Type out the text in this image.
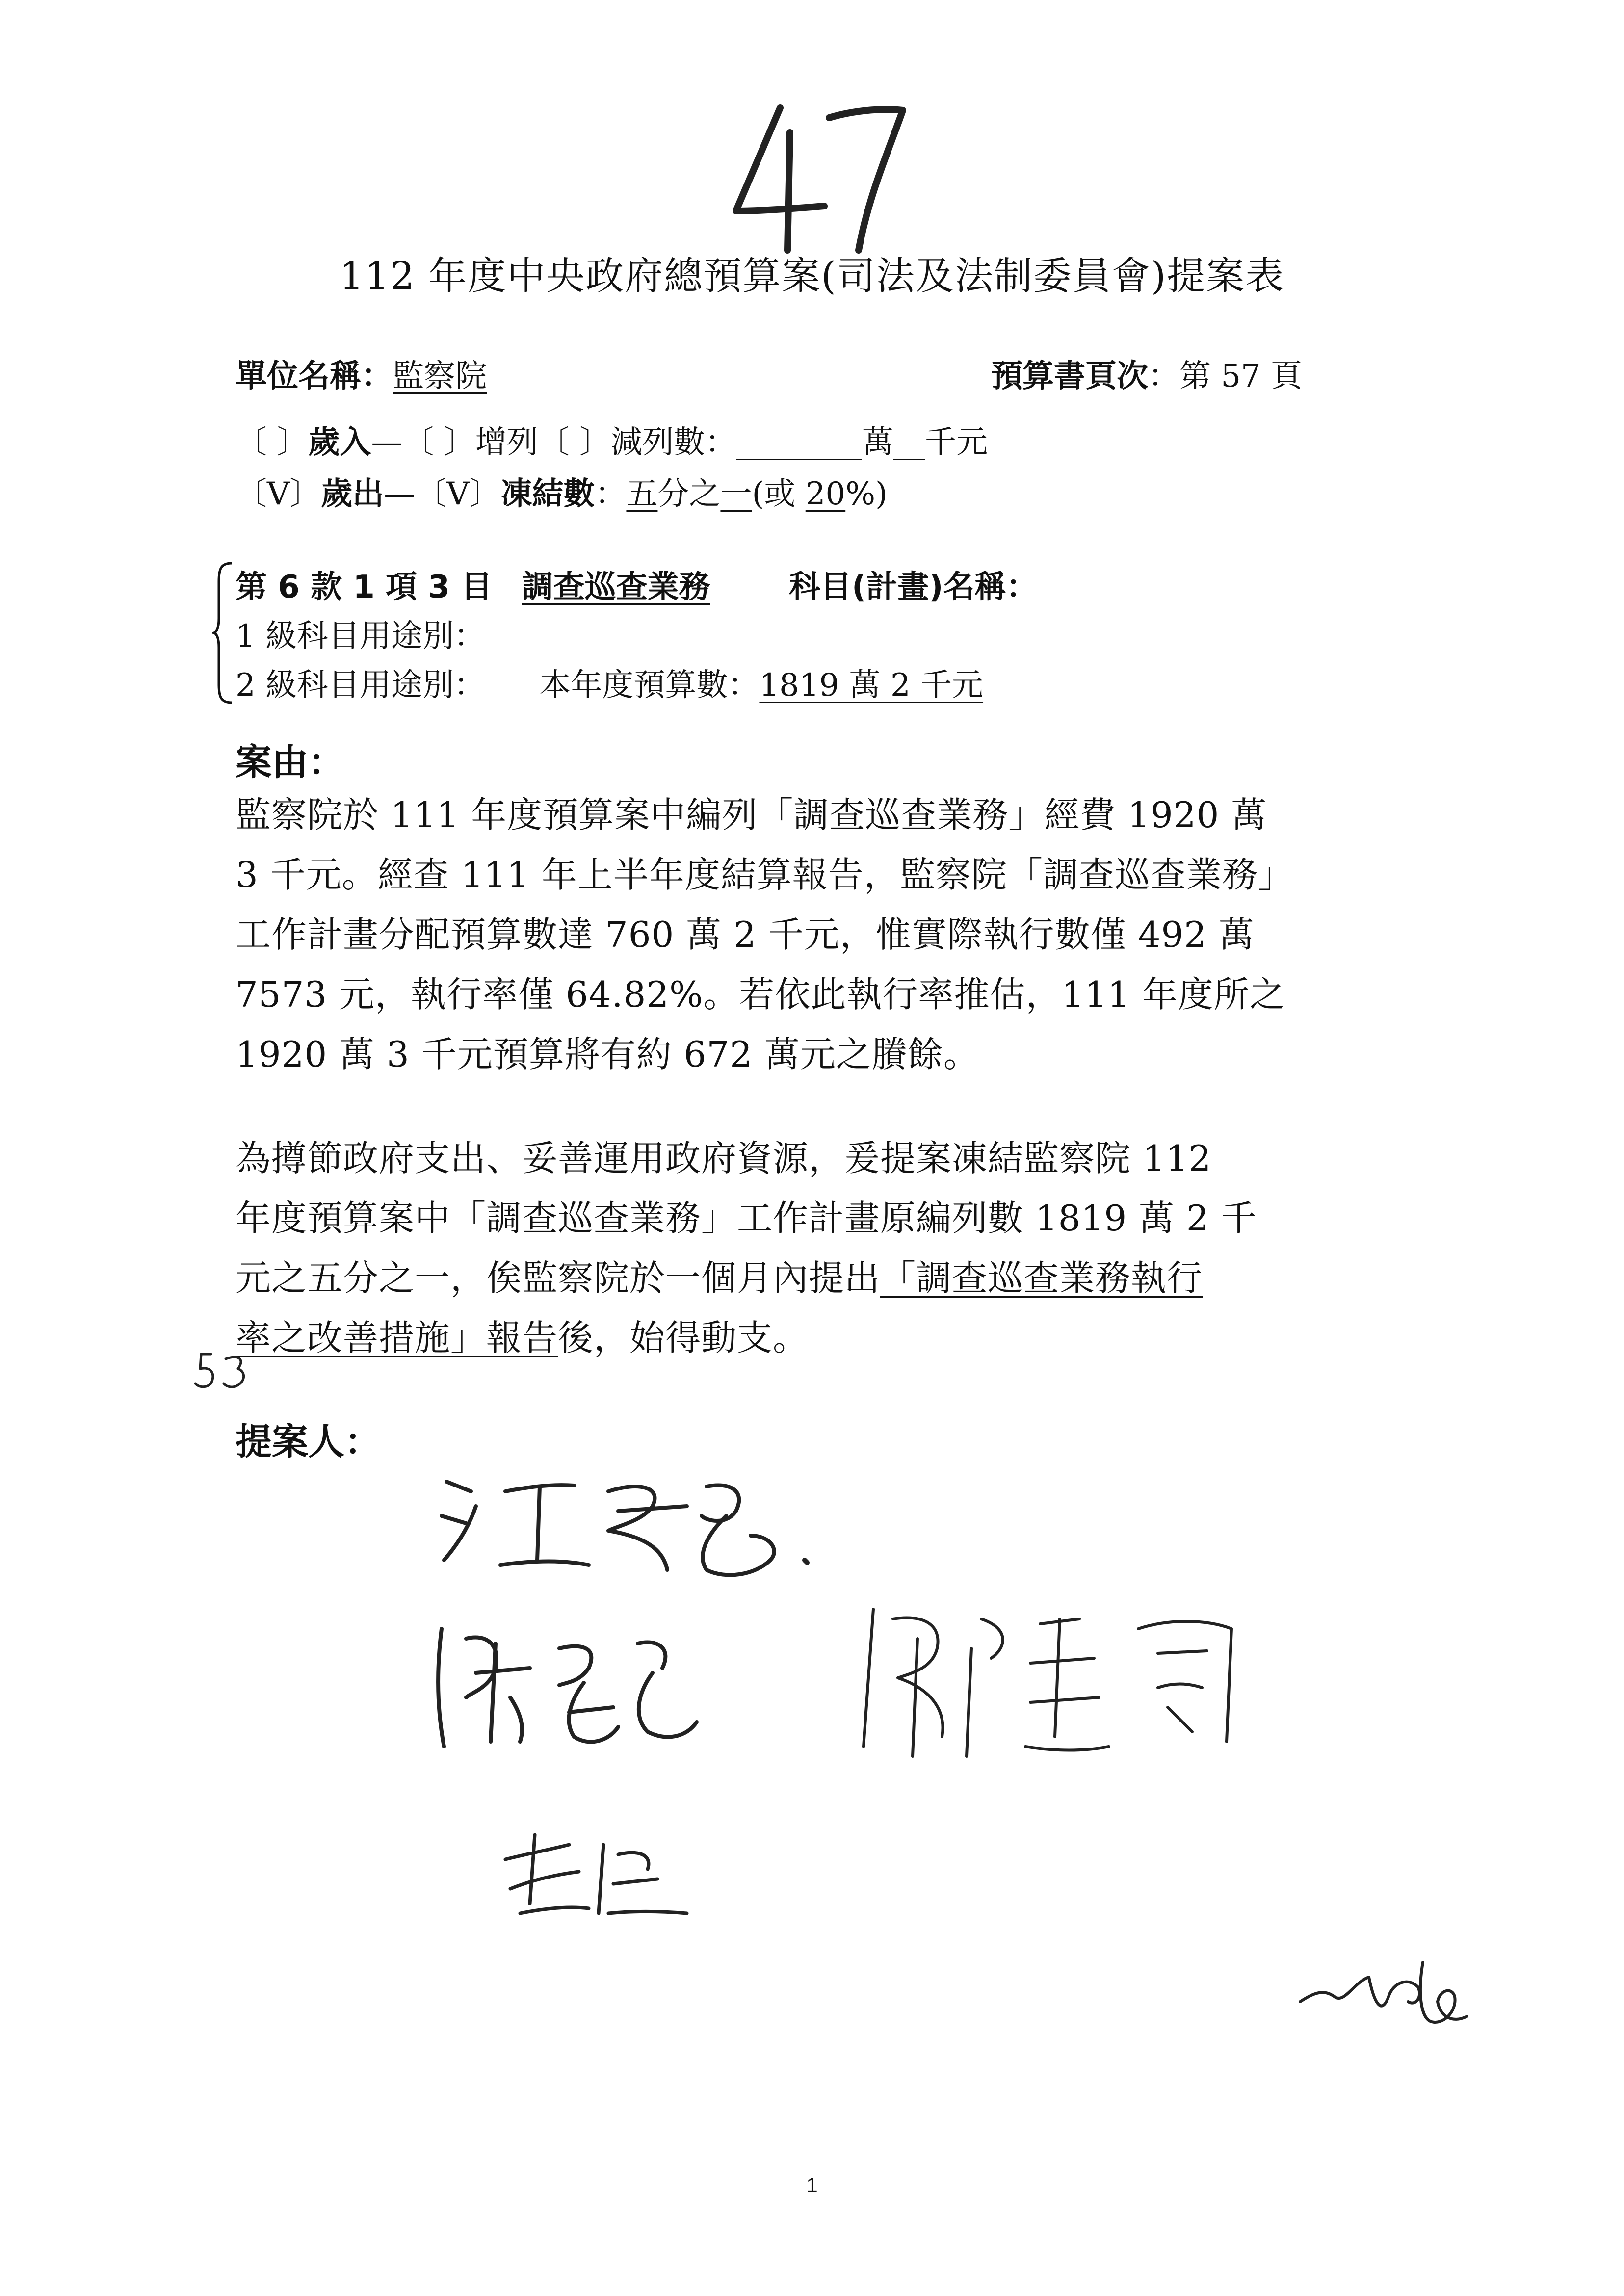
112 年度中央政府總預算案(司法及法制委員會)提案表
單位名稱：監察院	預算書頁次：第 57 頁
〔 〕歲入—〔 〕增列〔 〕減列數：________萬__千元
〔V〕歲出—〔V〕凍結數：五分之一(或 20%)
第 6 款 1 項 3 目 調查巡查業務	科目(計畫)名稱：
1 級科目用途別：
2 級科目用途別： 本年度預算數：1819 萬 2 千元
案由：
監察院於 111 年度預算案中編列「調查巡查業務」經費 1920 萬
3 千元。經查 111 年上半年度結算報告，監察院「調查巡查業務」
工作計畫分配預算數達 760 萬 2 千元，惟實際執行數僅 492 萬
7573 元，執行率僅 64.82%。若依此執行率推估，111 年度所之
1920 萬 3 千元預算將有約 672 萬元之賸餘。
為撙節政府支出、妥善運用政府資源，爰提案凍結監察院 112
年度預算案中「調查巡查業務」工作計畫原編列數 1819 萬 2 千
元之五分之一，俟監察院於一個月內提出「調查巡查業務執行
率之改善措施」報告後，始得動支。
提案人：
1
